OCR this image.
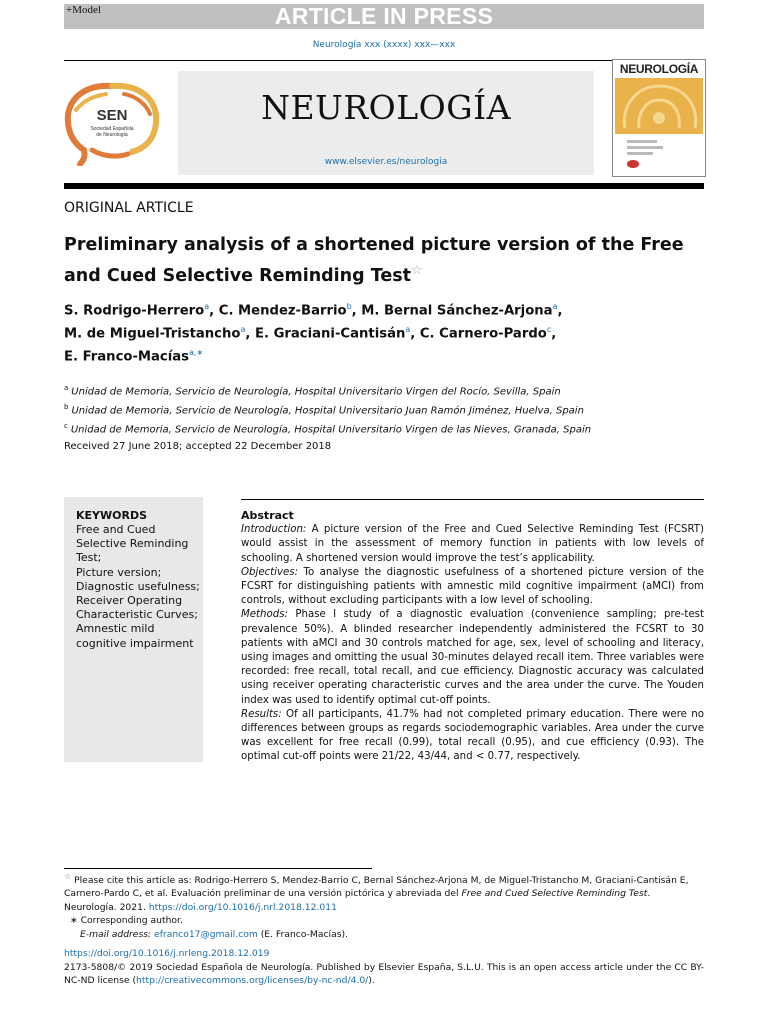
ARTICLE IN PRESS
+Model
Neurología xxx (xxxx) xxx—xxx
SEN
Sociedad Española
de Neurología
NEUROLOGÍA
www.elsevier.es/neurologia
NEUROLOGÍA
ORIGINAL ARTICLE
Preliminary analysis of a shortened picture version of the Free
and Cued Selective Reminding Test☆
S. Rodrigo-Herrero$^a$, C. Mendez-Barrio$^b$, M. Bernal Sánchez-Arjona$^a$,
M. de Miguel-Tristancho$^a$, E. Graciani-Cantisán$^a$, C. Carnero-Pardo$^c$,
E. Franco-Macías$^{a,∗}$
$^a$ Unidad de Memoria, Servicio de Neurología, Hospital Universitario Virgen del Rocío, Sevilla, Spain
$^b$ Unidad de Memoria, Servicio de Neurología, Hospital Universitario Juan Ramón Jiménez, Huelva, Spain
$^c$ Unidad de Memoria, Servicio de Neurología, Hospital Universitario Virgen de las Nieves, Granada, Spain
Received 27 June 2018; accepted 22 December 2018
KEYWORDS
Free and Cued Selective Reminding Test;
Picture version;
Diagnostic usefulness;
Receiver Operating Characteristic Curves;
Amnestic mild cognitive impairment
Abstract
Introduction: A picture version of the Free and Cued Selective Reminding Test (FCSRT) would assist in the assessment of memory function in patients with low levels of schooling. A shortened version would improve the test’s applicability.
Objectives: To analyse the diagnostic usefulness of a shortened picture version of the FCSRT for distinguishing patients with amnestic mild cognitive impairment (aMCI) from controls, without excluding participants with a low level of schooling.
Methods: Phase I study of a diagnostic evaluation (convenience sampling; pre-test prevalence 50%). A blinded researcher independently administered the FCSRT to 30 patients with aMCI and 30 controls matched for age, sex, level of schooling and literacy, using images and omitting the usual 30-minutes delayed recall item. Three variables were recorded: free recall, total recall, and cue efficiency. Diagnostic accuracy was calculated using receiver operating characteristic curves and the area under the curve. The Youden index was used to identify optimal cut-off points.
Results: Of all participants, 41.7% had not completed primary education. There were no differences between groups as regards sociodemographic variables. Area under the curve was excellent for free recall (0.99), total recall (0.95), and cue efficiency (0.93). The optimal cut-off points were 21/22, 43/44, and < 0.77, respectively.
☆ Please cite this article as: Rodrigo-Herrero S, Mendez-Barrio C, Bernal Sánchez-Arjona M, de Miguel-Tristancho M, Graciani-Cantisán E, Carnero-Pardo C, et al. Evaluación preliminar de una versión pictórica y abreviada del Free and Cued Selective Reminding Test. Neurología. 2021. https://doi.org/10.1016/j.nrl.2018.12.011
∗ Corresponding author.
E-mail address: efranco17@gmail.com (E. Franco-Macías).
https://doi.org/10.1016/j.nrleng.2018.12.019
2173-5808/© 2019 Sociedad Española de Neurología. Published by Elsevier España, S.L.U. This is an open access article under the CC BY-NC-ND license (http://creativecommons.org/licenses/by-nc-nd/4.0/).
